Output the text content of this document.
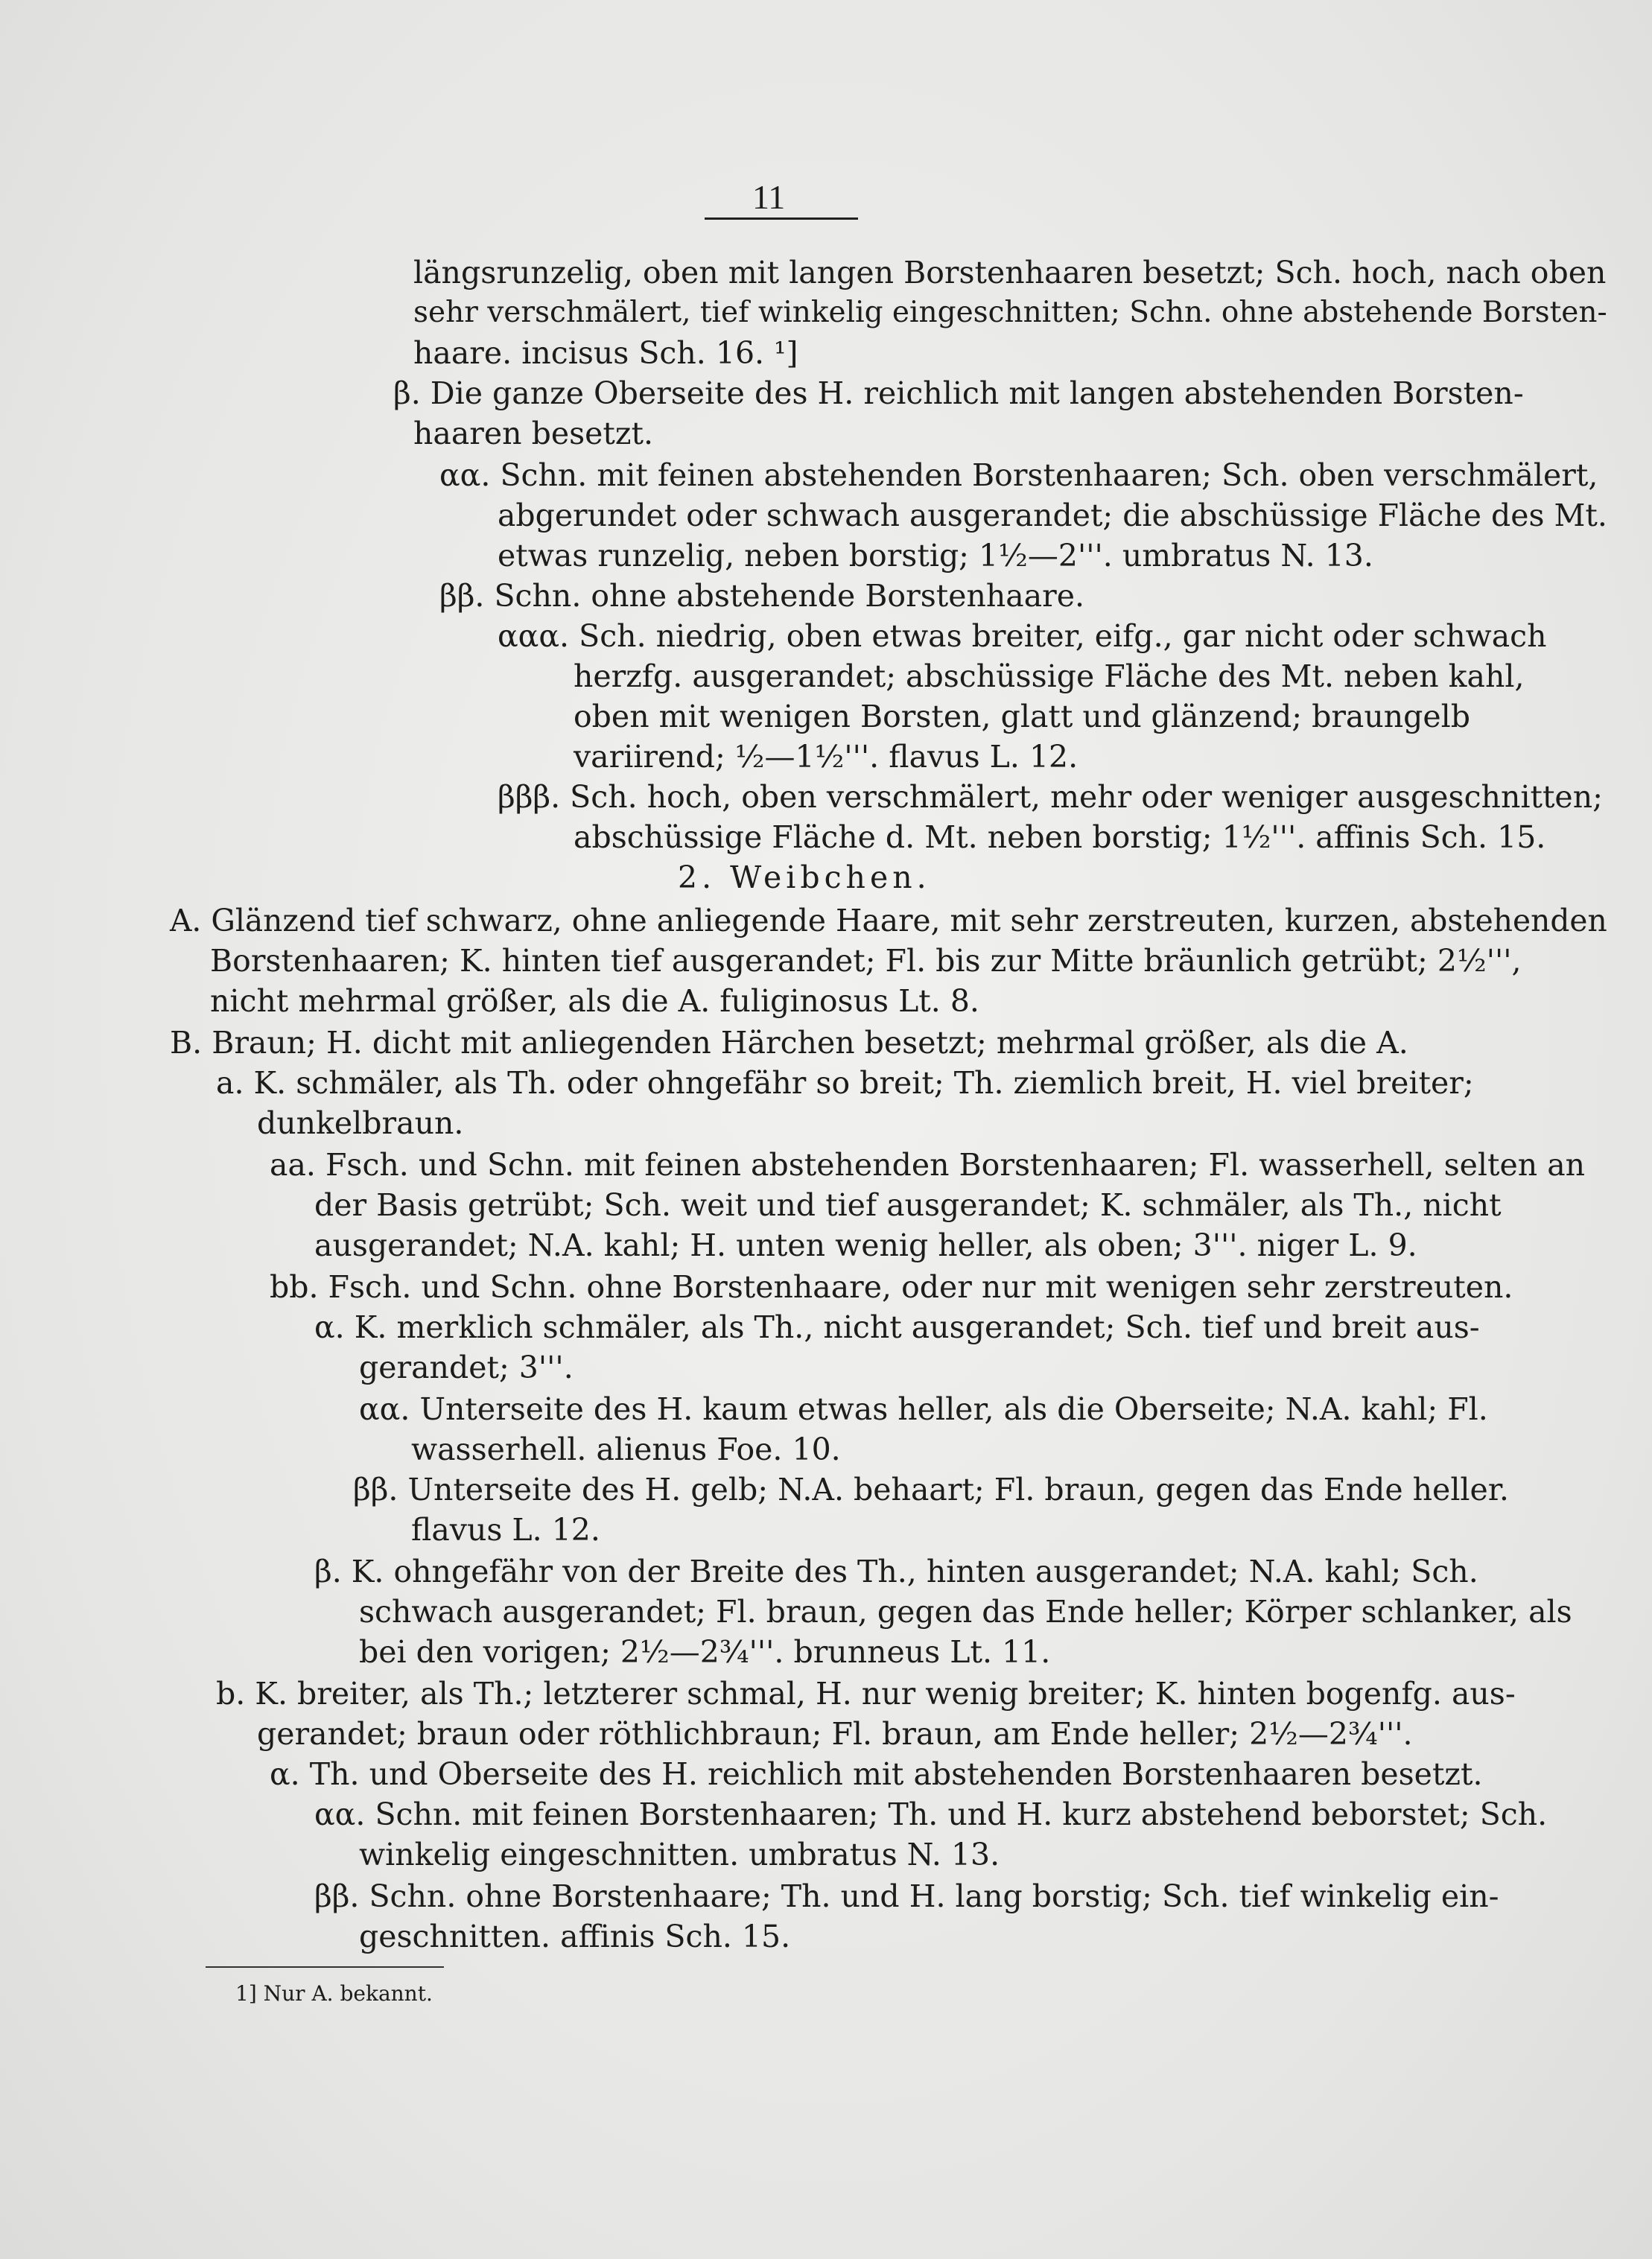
11
längsrunzelig, oben mit langen Borstenhaaren besetzt; Sch. hoch, nach oben
sehr verschmälert, tief winkelig eingeschnitten; Schn. ohne abstehende Borsten-
haare. incisus Sch. 16. ¹]
β. Die ganze Oberseite des H. reichlich mit langen abstehenden Borsten-
haaren besetzt.
αα. Schn. mit feinen abstehenden Borstenhaaren; Sch. oben verschmälert,
abgerundet oder schwach ausgerandet; die abschüssige Fläche des Mt.
etwas runzelig, neben borstig; 1½—2'''. umbratus N. 13.
ββ. Schn. ohne abstehende Borstenhaare.
ααα. Sch. niedrig, oben etwas breiter, eifg., gar nicht oder schwach
herzfg. ausgerandet; abschüssige Fläche des Mt. neben kahl,
oben mit wenigen Borsten, glatt und glänzend; braungelb
variirend; ½—1½'''. flavus L. 12.
βββ. Sch. hoch, oben verschmälert, mehr oder weniger ausgeschnitten;
abschüssige Fläche d. Mt. neben borstig; 1½'''. affinis Sch. 15.
2. Weibchen.
A. Glänzend tief schwarz, ohne anliegende Haare, mit sehr zerstreuten, kurzen, abstehenden
Borstenhaaren; K. hinten tief ausgerandet; Fl. bis zur Mitte bräunlich getrübt; 2½''',
nicht mehrmal größer, als die A. fuliginosus Lt. 8.
B. Braun; H. dicht mit anliegenden Härchen besetzt; mehrmal größer, als die A.
a. K. schmäler, als Th. oder ohngefähr so breit; Th. ziemlich breit, H. viel breiter;
dunkelbraun.
aa. Fsch. und Schn. mit feinen abstehenden Borstenhaaren; Fl. wasserhell, selten an
der Basis getrübt; Sch. weit und tief ausgerandet; K. schmäler, als Th., nicht
ausgerandet; N.A. kahl; H. unten wenig heller, als oben; 3'''. niger L. 9.
bb. Fsch. und Schn. ohne Borstenhaare, oder nur mit wenigen sehr zerstreuten.
α. K. merklich schmäler, als Th., nicht ausgerandet; Sch. tief und breit aus-
gerandet; 3'''.
αα. Unterseite des H. kaum etwas heller, als die Oberseite; N.A. kahl; Fl.
wasserhell. alienus Foe. 10.
ββ. Unterseite des H. gelb; N.A. behaart; Fl. braun, gegen das Ende heller.
flavus L. 12.
β. K. ohngefähr von der Breite des Th., hinten ausgerandet; N.A. kahl; Sch.
schwach ausgerandet; Fl. braun, gegen das Ende heller; Körper schlanker, als
bei den vorigen; 2½—2¾'''. brunneus Lt. 11.
b. K. breiter, als Th.; letzterer schmal, H. nur wenig breiter; K. hinten bogenfg. aus-
gerandet; braun oder röthlichbraun; Fl. braun, am Ende heller; 2½—2¾'''.
α. Th. und Oberseite des H. reichlich mit abstehenden Borstenhaaren besetzt.
αα. Schn. mit feinen Borstenhaaren; Th. und H. kurz abstehend beborstet; Sch.
winkelig eingeschnitten. umbratus N. 13.
ββ. Schn. ohne Borstenhaare; Th. und H. lang borstig; Sch. tief winkelig ein-
geschnitten. affinis Sch. 15.
1] Nur A. bekannt.
